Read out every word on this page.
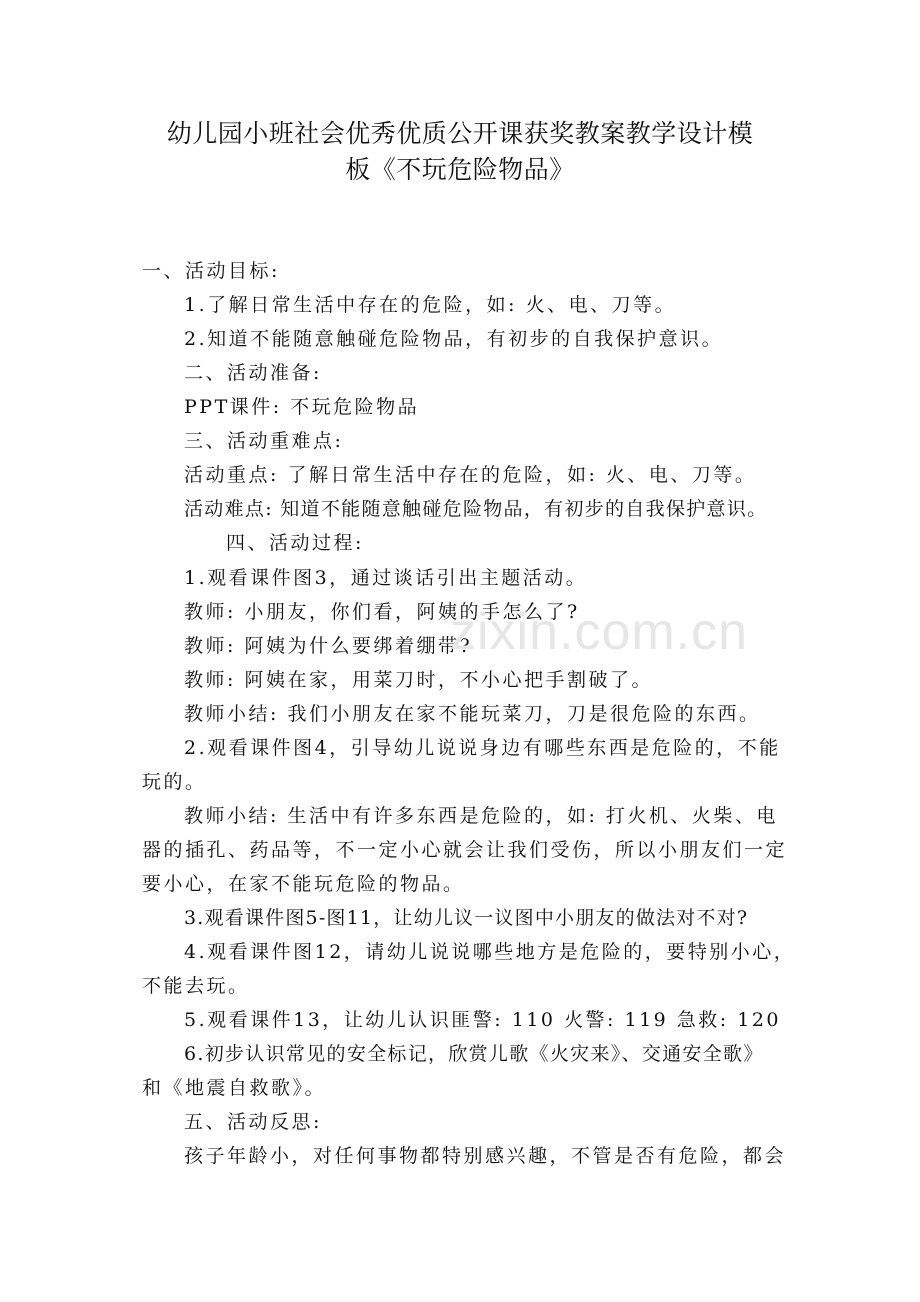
幼儿园小班社会优秀优质公开课获奖教案教学设计模
板《不玩危险物品》
一、活动目标:
1.了解日常生活中存在的危险，如: 火、电、刀等。
2.知道不能随意触碰危险物品，有初步的自我保护意识。
二、活动准备:
PPT课件: 不玩危险物品
三、活动重难点:
活动重点: 了解日常生活中存在的危险，如: 火、电、刀等。
活动难点: 知道不能随意触碰危险物品，有初步的自我保护意识。
四、活动过程:
1.观看课件图3，通过谈话引出主题活动。
教师: 小朋友，你们看，阿姨的手怎么了?
教师: 阿姨为什么要绑着绷带?
教师: 阿姨在家，用菜刀时，不小心把手割破了。
教师小结: 我们小朋友在家不能玩菜刀，刀是很危险的东西。
2.观看课件图4，引导幼儿说说身边有哪些东西是危险的，不能
玩的。
教师小结: 生活中有许多东西是危险的，如: 打火机、火柴、电
器的插孔、药品等，不一定小心就会让我们受伤，所以小朋友们一定
要小心，在家不能玩危险的物品。
3.观看课件图5-图11，让幼儿议一议图中小朋友的做法对不对?
4.观看课件图12，请幼儿说说哪些地方是危险的，要特别小心，
不能去玩。
5.观看课件13，让幼儿认识匪警: 110 火警: 119 急救: 120
6.初步认识常见的安全标记，欣赏儿歌《火灾来》、交通安全歌》
和《地震自救歌》。
五、活动反思:
孩子年龄小，对任何事物都特别感兴趣，不管是否有危险，都会
zixin.com.cn
